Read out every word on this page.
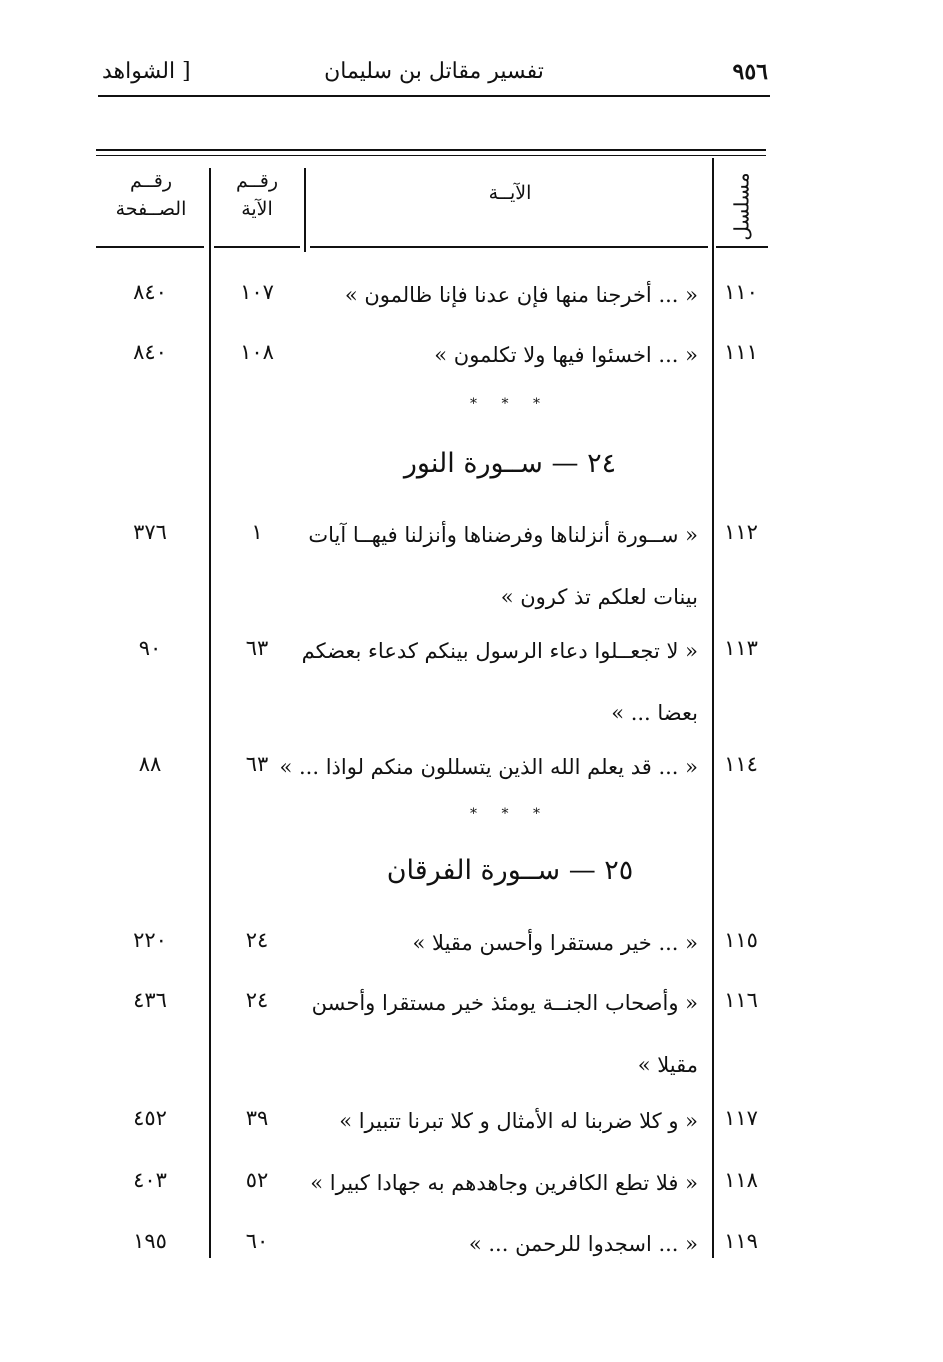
٩٥٦
تفسير مقاتل بن سليمان
[ الشواهد
مسلسل
الآيــة
رقــم
الآية
رقــم
الصــفحة
١١٠
« ... أخرجنا منها فإن عدنا فإنا ظالمون »
١٠٧
٨٤٠
١١١
« ... اخسئوا فيها ولا تكلمون »
١٠٨
٨٤٠
* * *
٢٤ — ســورة النور
١١٢
« ســورة أنزلناها وفرضناها وأنزلنا فيهــا آيات
بينات لعلكم تذ كرون »
١
٣٧٦
١١٣
« لا تجعــلوا دعاء الرسول بينكم كدعاء بعضكم
بعضا ... »
٦٣
٩٠
١١٤
« ... قد يعلم الله الذين يتسللون منكم لواذا ... »
٦٣
٨٨
* * *
٢٥ — ســورة الفرقان
١١٥
« ... خير مستقرا وأحسن مقيلا »
٢٤
٢٢٠
١١٦
« وأصحاب الجنــة يومئذ خير مستقرا وأحسن
مقيلا »
٢٤
٤٣٦
١١٧
« و كلا ضربنا له الأمثال و كلا تبرنا تتبيرا »
٣٩
٤٥٢
١١٨
« فلا تطع الكافرين وجاهدهم به جهادا كبيرا »
٥٢
٤٠٣
١١٩
« ... اسجدوا للرحمن ... »
٦٠
١٩٥
